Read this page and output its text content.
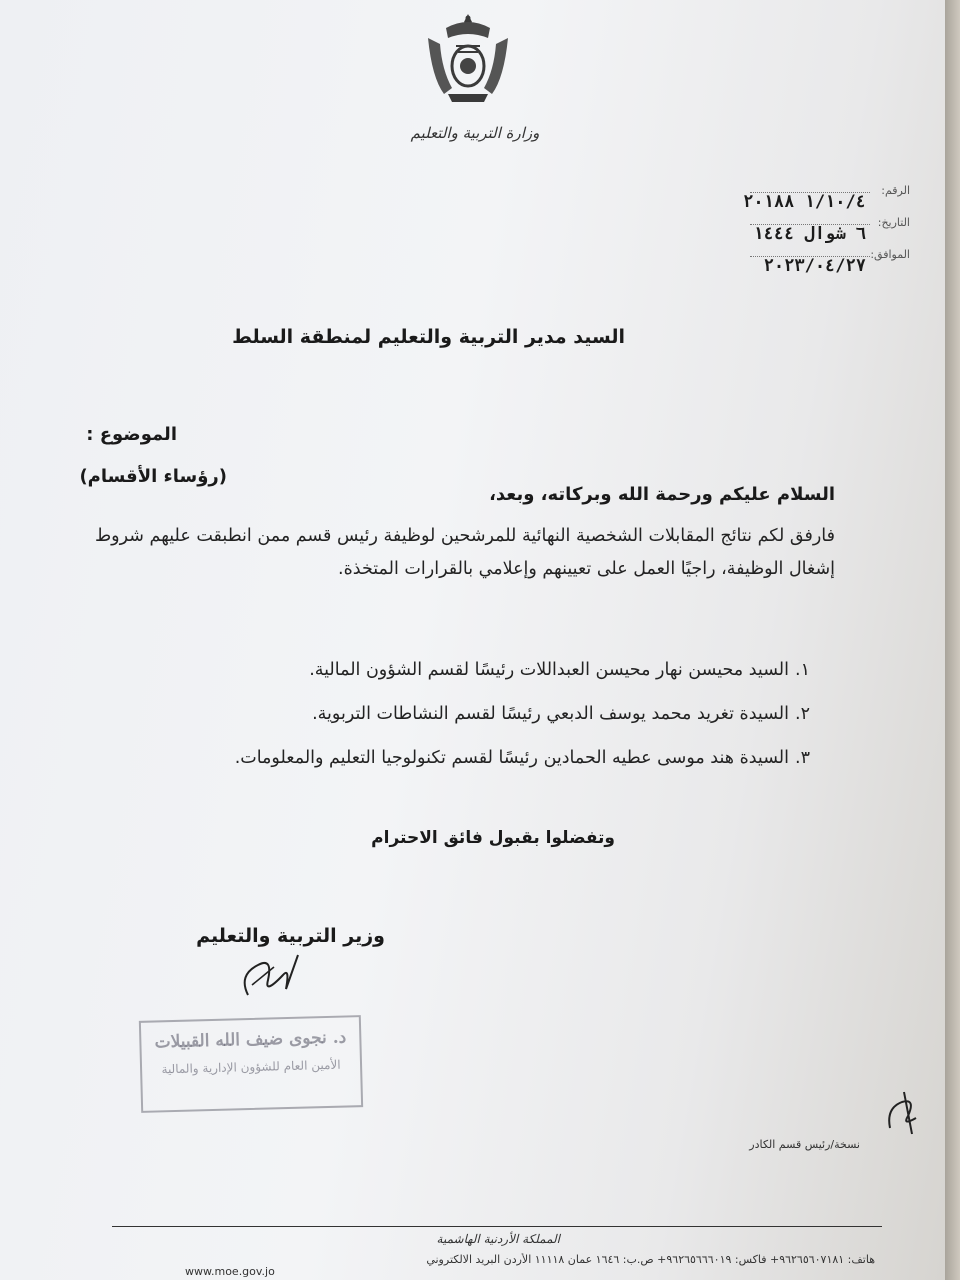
وزارة التربية والتعليم
الرقم:
١/١٠/٤ ٢٠١٨٨
التاريخ:
٦ شوال ١٤٤٤
الموافق:
٢٠٢٣/٠٤/٢٧
السيد مدير التربية والتعليم لمنطقة السلط
الموضوع :
(رؤساء الأقسام)
السلام عليكم ورحمة الله وبركاته، وبعد،
فارفق لكم نتائج المقابلات الشخصية النهائية للمرشحين لوظيفة رئيس قسم ممن انطبقت عليهم شروط إشغال الوظيفة، راجيًا العمل على تعيينهم وإعلامي بالقرارات المتخذة.
١.السيد محيسن نهار محيسن العبداللات رئيسًا لقسم الشؤون المالية.
٢.السيدة تغريد محمد يوسف الدبعي رئيسًا لقسم النشاطات التربوية.
٣.السيدة هند موسى عطيه الحمادين رئيسًا لقسم تكنولوجيا التعليم والمعلومات.
وتفضلوا بقبول فائق الاحترام
وزير التربية والتعليم
د. نجوى ضيف الله القبيلات
الأمين العام للشؤون الإدارية والمالية
نسخة/رئيس قسم الكادر
المملكة الأردنية الهاشمية
هاتف: ٩٦٢٦٥٦٠٧١٨١+ فاكس: ٩٦٢٦٥٦٦٦٠١٩+ ص.ب: ١٦٤٦ عمان ١١١١٨ الأردن البريد الالكتروني
www.moe.gov.jo
